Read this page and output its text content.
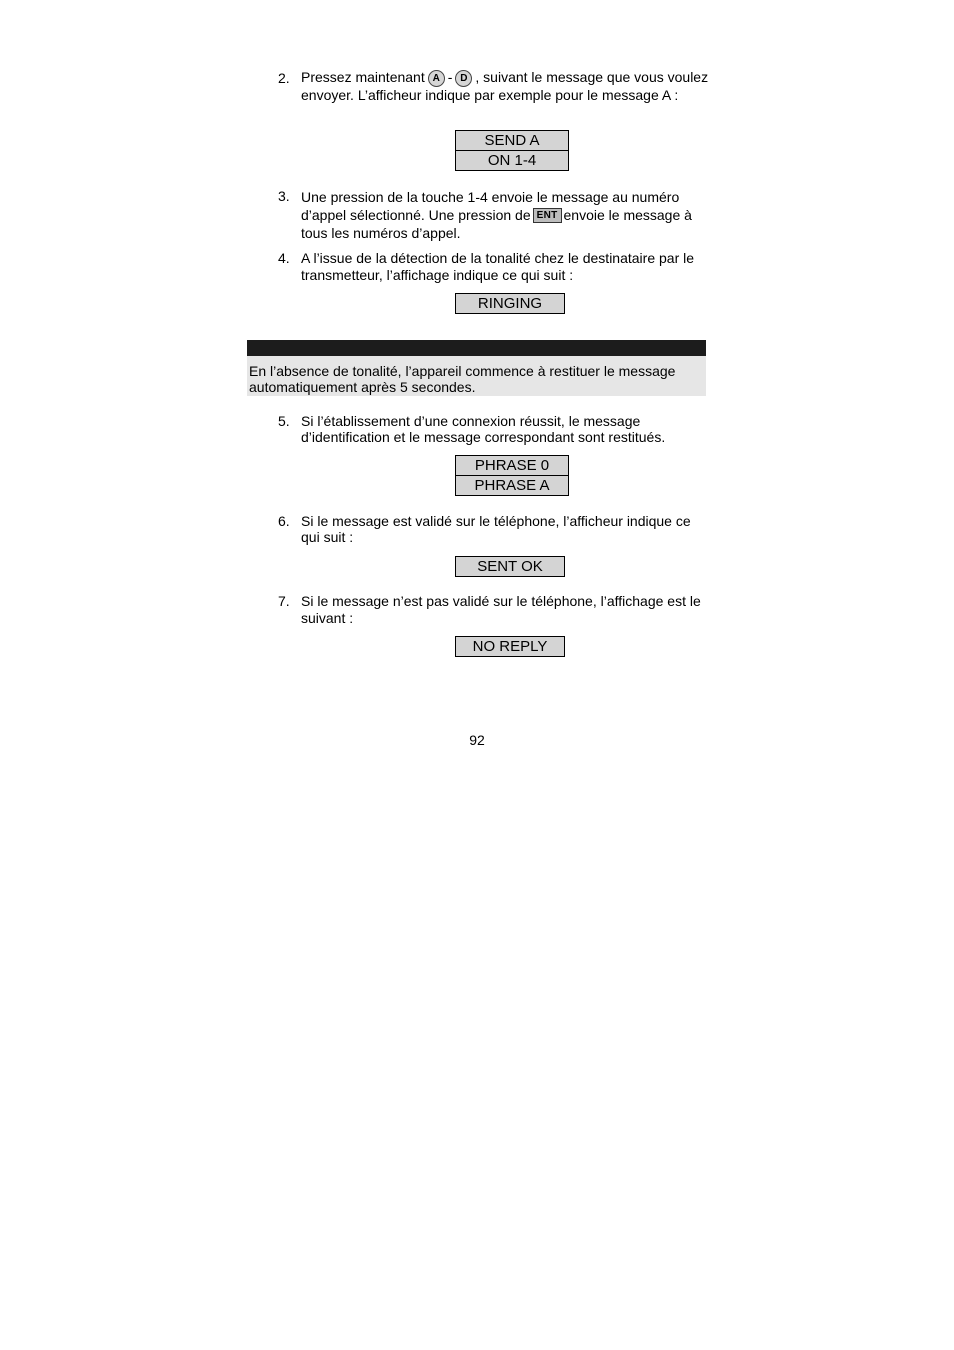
2. Pressez maintenant A - D , suivant le message que vous voulez envoyer. L’afficheur indique par exemple pour le message A :
SEND A
ON 1-4
3. Une pression de la touche 1-4 envoie le message au numéro d’appel sélectionné. Une pression de ENT envoie le message à tous les numéros d’appel.
4. A l’issue de la détection de la tonalité chez le destinataire par le transmetteur, l’affichage indique ce qui suit :
RINGING
En l’absence de tonalité, l’appareil commence à restituer le message automatiquement après 5 secondes.
5. Si l’établissement d’une connexion réussit, le message d’identification et le message correspondant sont restitués.
PHRASE 0
PHRASE A
6. Si le message est validé sur le téléphone, l’afficheur indique ce qui suit :
SENT OK
7. Si le message n’est pas validé sur le téléphone, l’affichage est le suivant :
NO REPLY
92
